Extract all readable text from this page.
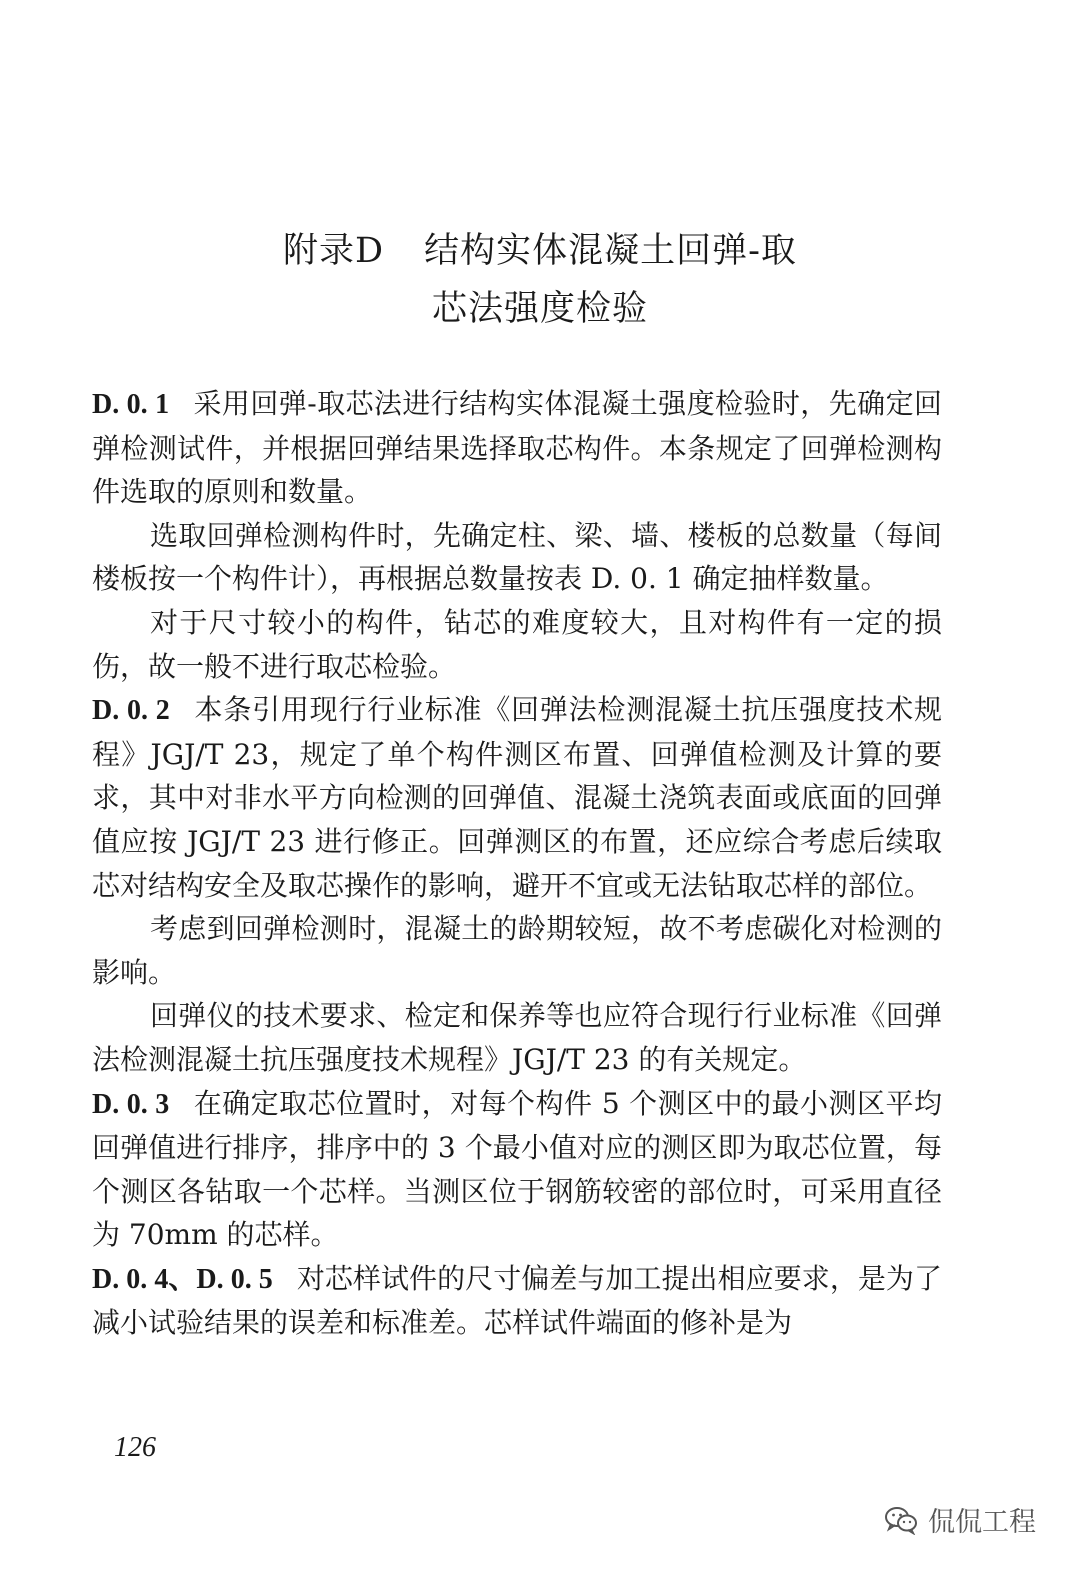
附录D 结构实体混凝土回弹-取
芯法强度检验

D. 0. 1 采用回弹-取芯法进行结构实体混凝土强度检验时，先确定回弹检测试件，并根据回弹结果选择取芯构件。本条规定了回弹检测构件选取的原则和数量。

选取回弹检测构件时，先确定柱、梁、墙、楼板的总数量（每间楼板按一个构件计），再根据总数量按表 D. 0. 1 确定抽样数量。

对于尺寸较小的构件，钻芯的难度较大，且对构件有一定的损伤，故一般不进行取芯检验。

D. 0. 2 本条引用现行行业标准《回弹法检测混凝土抗压强度技术规程》JGJ/T 23，规定了单个构件测区布置、回弹值检测及计算的要求，其中对非水平方向检测的回弹值、混凝土浇筑表面或底面的回弹值应按 JGJ/T 23 进行修正。回弹测区的布置，还应综合考虑后续取芯对结构安全及取芯操作的影响，避开不宜或无法钻取芯样的部位。

考虑到回弹检测时，混凝土的龄期较短，故不考虑碳化对检测的影响。

回弹仪的技术要求、检定和保养等也应符合现行行业标准《回弹法检测混凝土抗压强度技术规程》JGJ/T 23 的有关规定。

D. 0. 3 在确定取芯位置时，对每个构件 5 个测区中的最小测区平均回弹值进行排序，排序中的 3 个最小值对应的测区即为取芯位置，每个测区各钻取一个芯样。当测区位于钢筋较密的部位时，可采用直径为 70mm 的芯样。

D. 0. 4、D. 0. 5 对芯样试件的尺寸偏差与加工提出相应要求，是为了减小试验结果的误差和标准差。芯样试件端面的修补是为

126
侃侃工程
